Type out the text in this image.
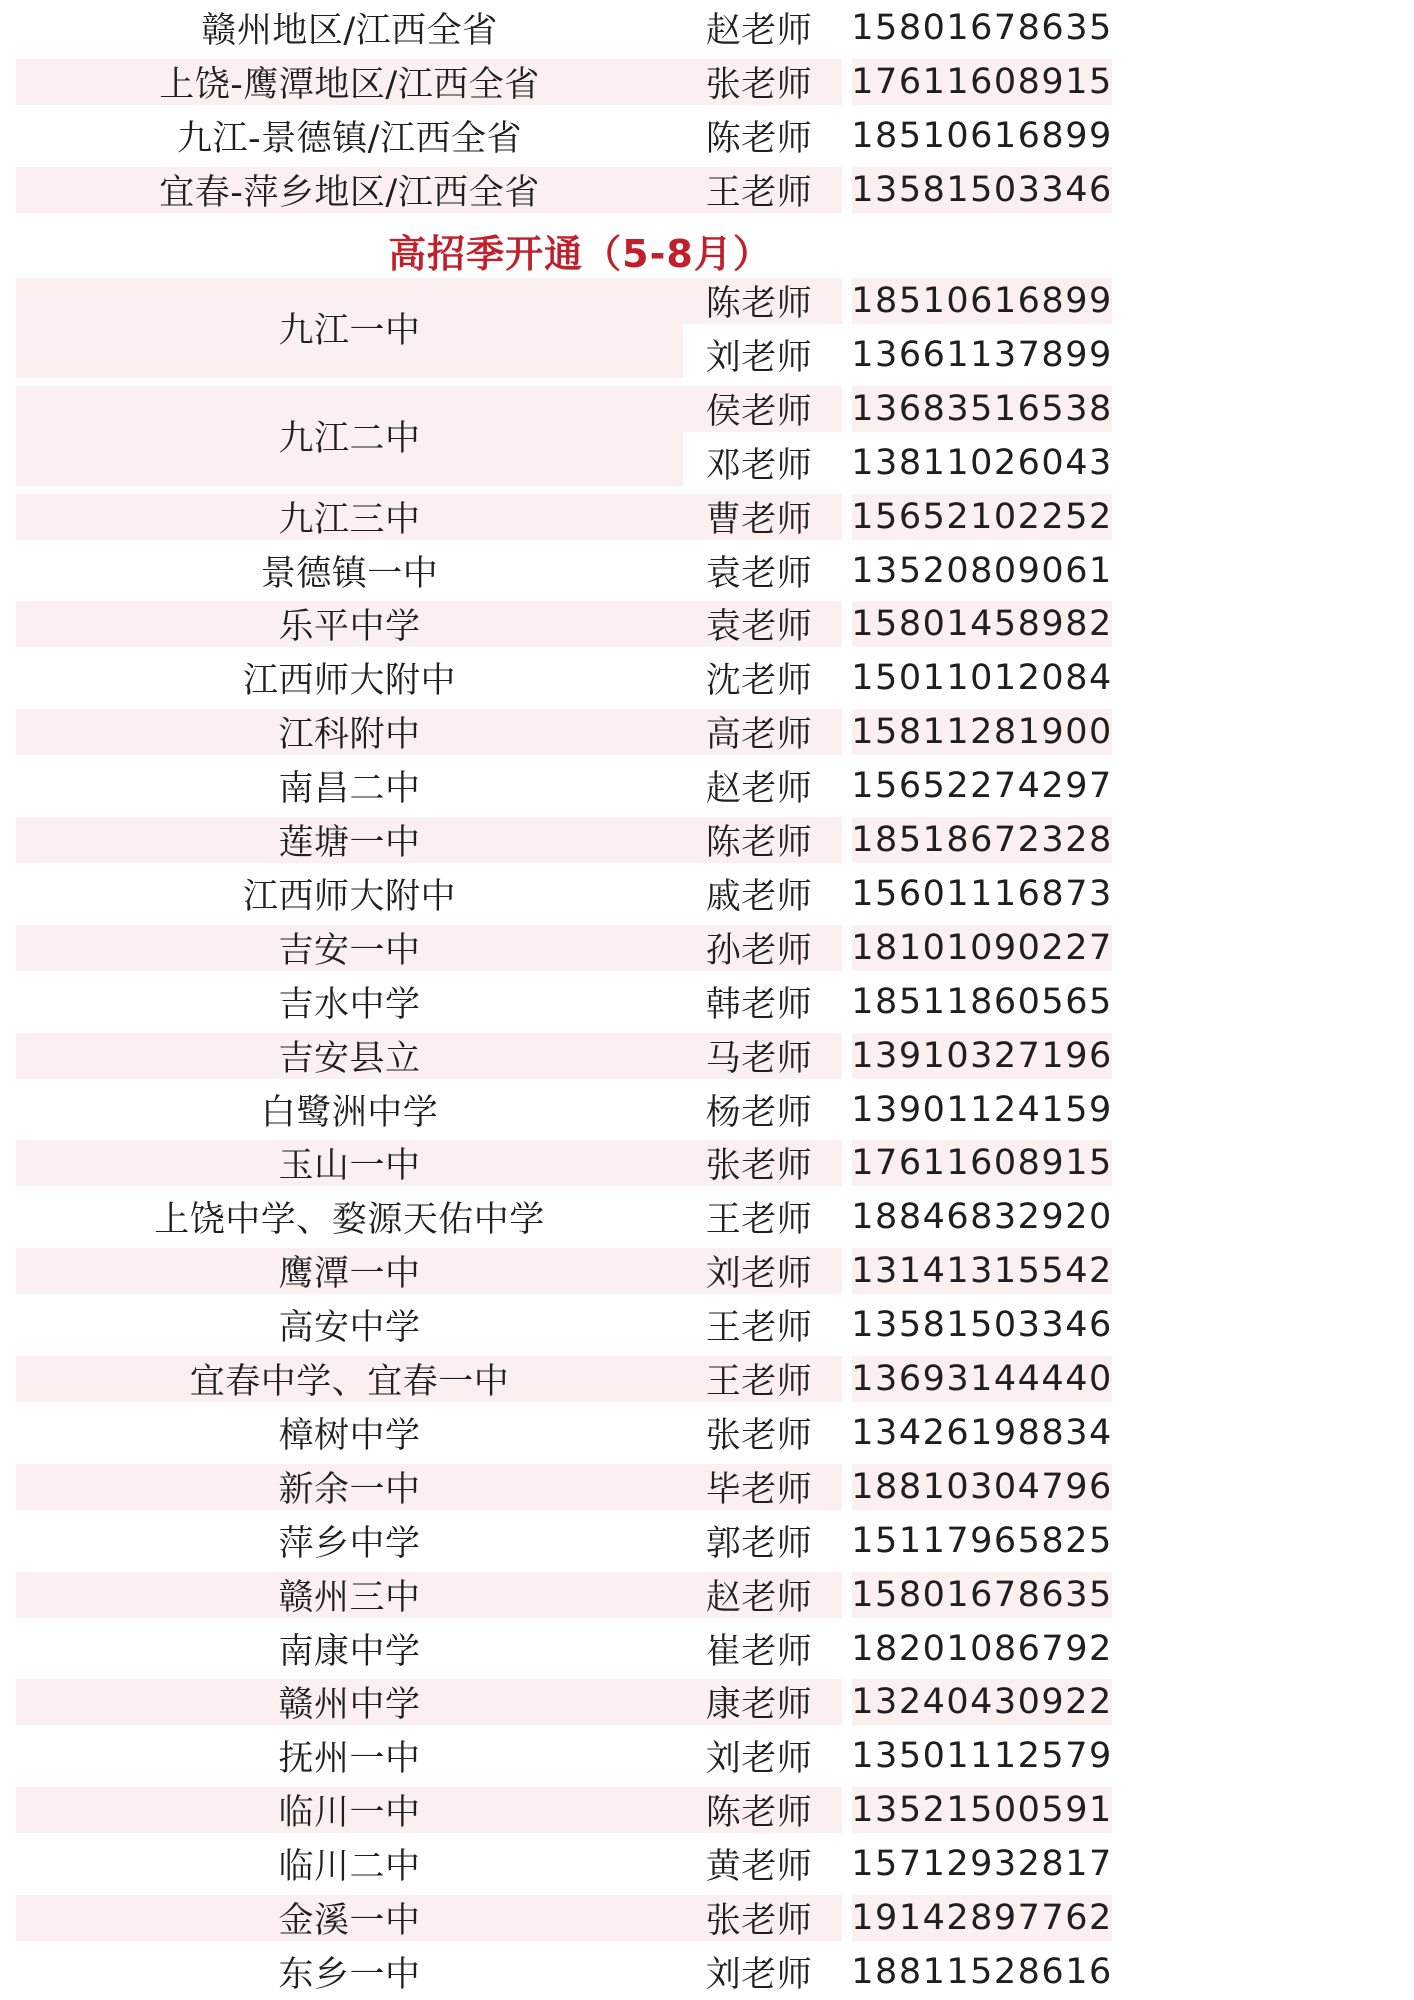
高招季开通（5-8月）
赣州地区/江西全省	赵老师	15801678635
上饶-鹰潭地区/江西全省	张老师	17611608915
九江-景德镇/江西全省	陈老师	18510616899
宜春-萍乡地区/江西全省	王老师	13581503346
九江一中
陈老师	18510616899
刘老师	13661137899
九江二中
侯老师	13683516538
邓老师	13811026043
九江三中	曹老师	15652102252
景德镇一中	袁老师	13520809061
乐平中学	袁老师	15801458982
江西师大附中	沈老师	15011012084
江科附中	高老师	15811281900
南昌二中	赵老师	15652274297
莲塘一中	陈老师	18518672328
江西师大附中	戚老师	15601116873
吉安一中	孙老师	18101090227
吉水中学	韩老师	18511860565
吉安县立	马老师	13910327196
白鹭洲中学	杨老师	13901124159
玉山一中	张老师	17611608915
上饶中学、婺源天佑中学	王老师	18846832920
鹰潭一中	刘老师	13141315542
高安中学	王老师	13581503346
宜春中学、宜春一中	王老师	13693144440
樟树中学	张老师	13426198834
新余一中	毕老师	18810304796
萍乡中学	郭老师	15117965825
赣州三中	赵老师	15801678635
南康中学	崔老师	18201086792
赣州中学	康老师	13240430922
抚州一中	刘老师	13501112579
临川一中	陈老师	13521500591
临川二中	黄老师	15712932817
金溪一中	张老师	19142897762
东乡一中	刘老师	18811528616
